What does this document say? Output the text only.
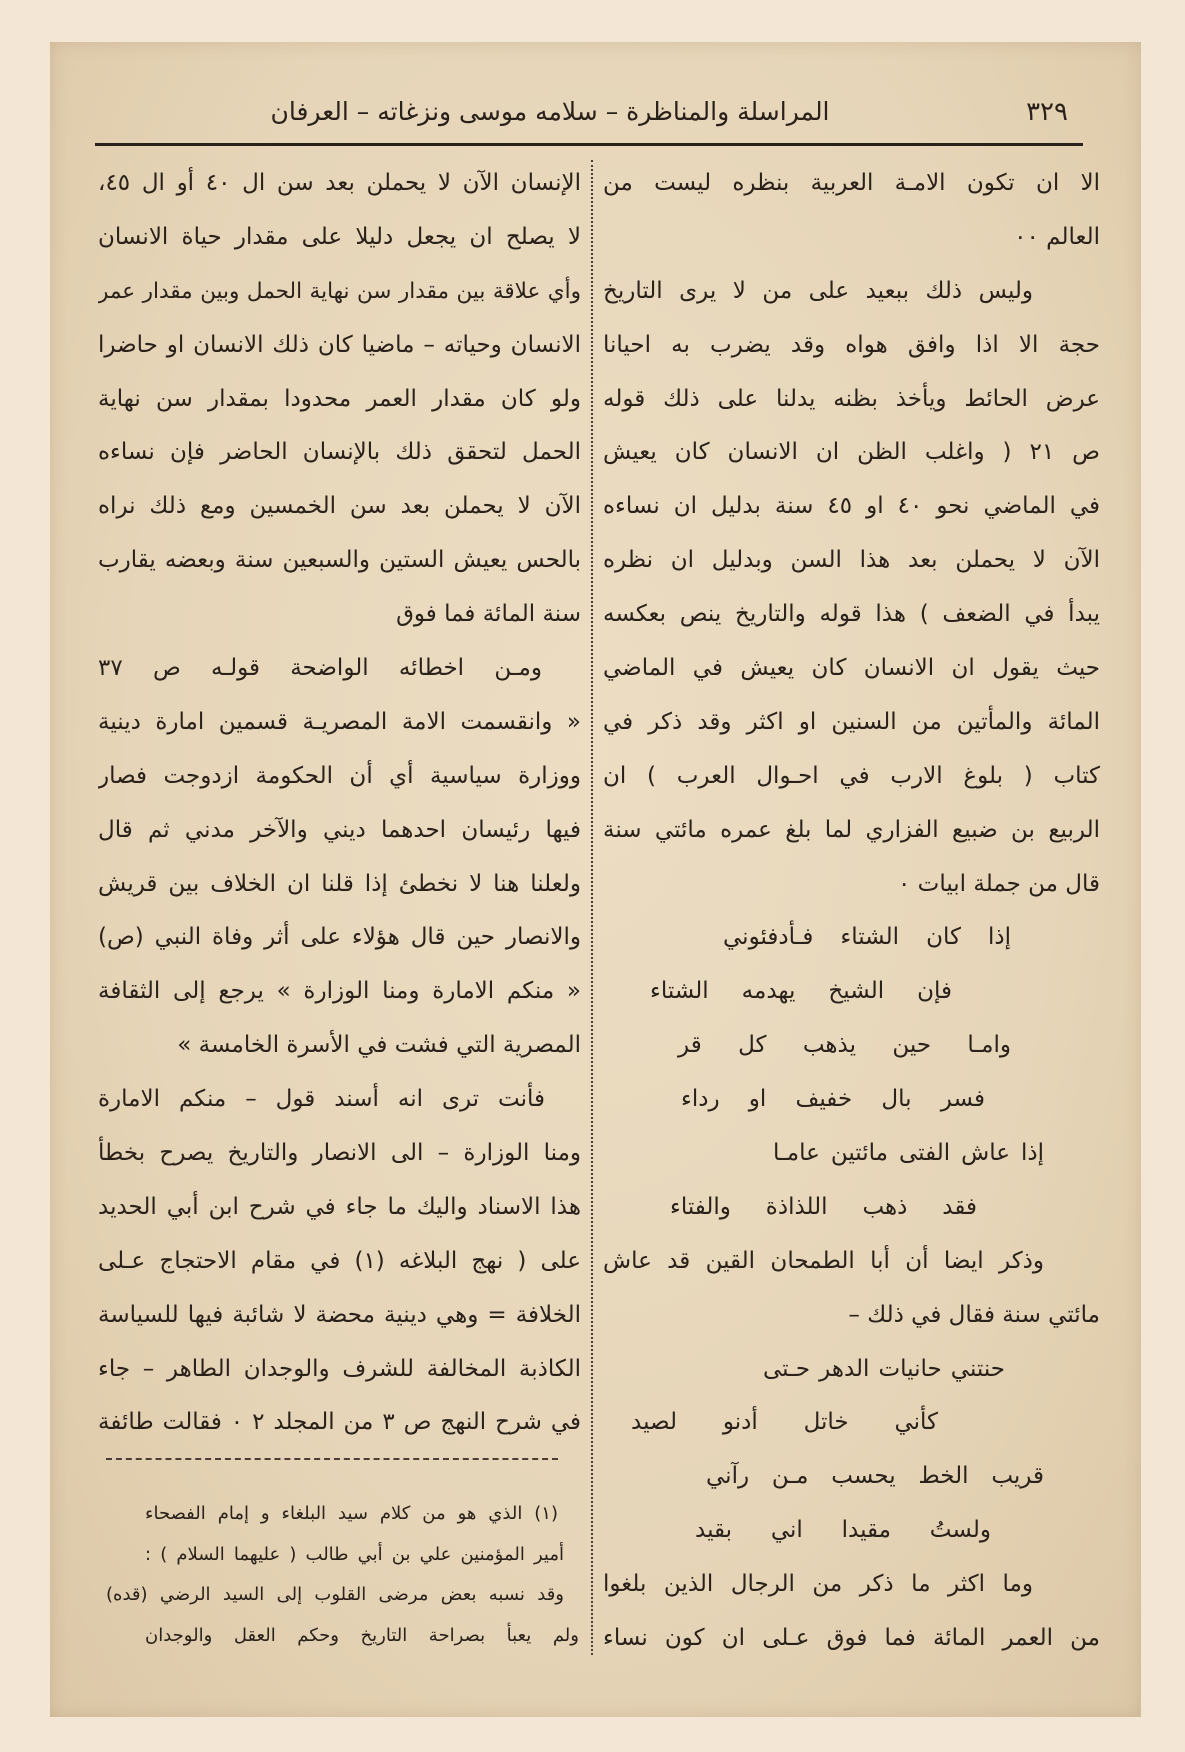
٣٢٩
المراسلة والمناظرة – سلامه موسى ونزغاته – العرفان
الا ان تكون الامـة العربية بنظره ليست من
العالم ٠٠
وليس ذلك ببعيد على من لا يرى التاريخ
حجة الا اذا وافق هواه وقد يضرب به احيانا
عرض الحائط ويأخذ بظنه يدلنا على ذلك قوله
ص ٢١ ( واغلب الظن ان الانسان كان يعيش
في الماضي نحو ٤٠ او ٤٥ سنة بدليل ان نساءه
الآن لا يحملن بعد هذا السن وبدليل ان نظره
يبدأ في الضعف ) هذا قوله والتاريخ ينص بعكسه
حيث يقول ان الانسان كان يعيش في الماضي
المائة والمأتين من السنين او اكثر وقد ذكر في
كتاب ( بلوغ الارب في احـوال العرب ) ان
الربيع بن ضبيع الفزاري لما بلغ عمره مائتي سنة
قال من جملة ابيات ٠
إذا كان الشتاء فـأدفئوني
فإن الشيخ يهدمه الشتاء
وامـا حين يذهب كل قر
فسر بال خفيف او رداء
إذا عاش الفتى مائتين عامـا
فقد ذهب اللذاذة والفتاء
وذكر ايضا أن أبا الطمحان القين قد عاش
مائتي سنة فقال في ذلك –
حنتني حانيات الدهر حـتى
كأني خاتل أدنو لصيد
قريب الخط يحسب مـن رآني
ولستُ مقيدا اني بقيد
وما اكثر ما ذكر من الرجال الذين بلغوا
من العمر المائة فما فوق عـلى ان كون نساء
الإنسان الآن لا يحملن بعد سن ال ٤٠ أو ال ٤٥،
لا يصلح ان يجعل دليلا على مقدار حياة الانسان
وأي علاقة بين مقدار سن نهاية الحمل وبين مقدار عمر
الانسان وحياته – ماضيا كان ذلك الانسان او حاضرا
ولو كان مقدار العمر محدودا بمقدار سن نهاية
الحمل لتحقق ذلك بالإنسان الحاضر فإن نساءه
الآن لا يحملن بعد سن الخمسين ومع ذلك نراه
بالحس يعيش الستين والسبعين سنة وبعضه يقارب
سنة المائة فما فوق
ومـن اخطائه الواضحة قولـه ص ٣٧
« وانقسمت الامة المصريـة قسمين امارة دينية
ووزارة سياسية أي أن الحكومة ازدوجت فصار
فيها رئيسان احدهما ديني والآخر مدني ثم قال
ولعلنا هنا لا نخطئ إذا قلنا ان الخلاف بين قريش
والانصار حين قال هؤلاء على أثر وفاة النبي (ص)
« منكم الامارة ومنا الوزارة » يرجع إلى الثقافة
المصرية التي فشت في الأسرة الخامسة »
فأنت ترى انه أسند قول – منكم الامارة
ومنا الوزارة – الى الانصار والتاريخ يصرح بخطأ
هذا الاسناد واليك ما جاء في شرح ابن أبي الحديد
على ( نهج البلاغه (١) في مقام الاحتجاج عـلى
الخلافة = وهي دينية محضة لا شائبة فيها للسياسة
الكاذبة المخالفة للشرف والوجدان الطاهر – جاء
في شرح النهج ص ٣ من المجلد ٢ ٠ فقالت طائفة
(١) الذي هو من كلام سيد البلغاء و إمام الفصحاء
أمير المؤمنين علي بن أبي طالب ( عليهما السلام ) :
وقد نسبه بعض مرضى القلوب إلى السيد الرضي (قده)
ولم يعبأ بصراحة التاريخ وحكم العقل والوجدان
